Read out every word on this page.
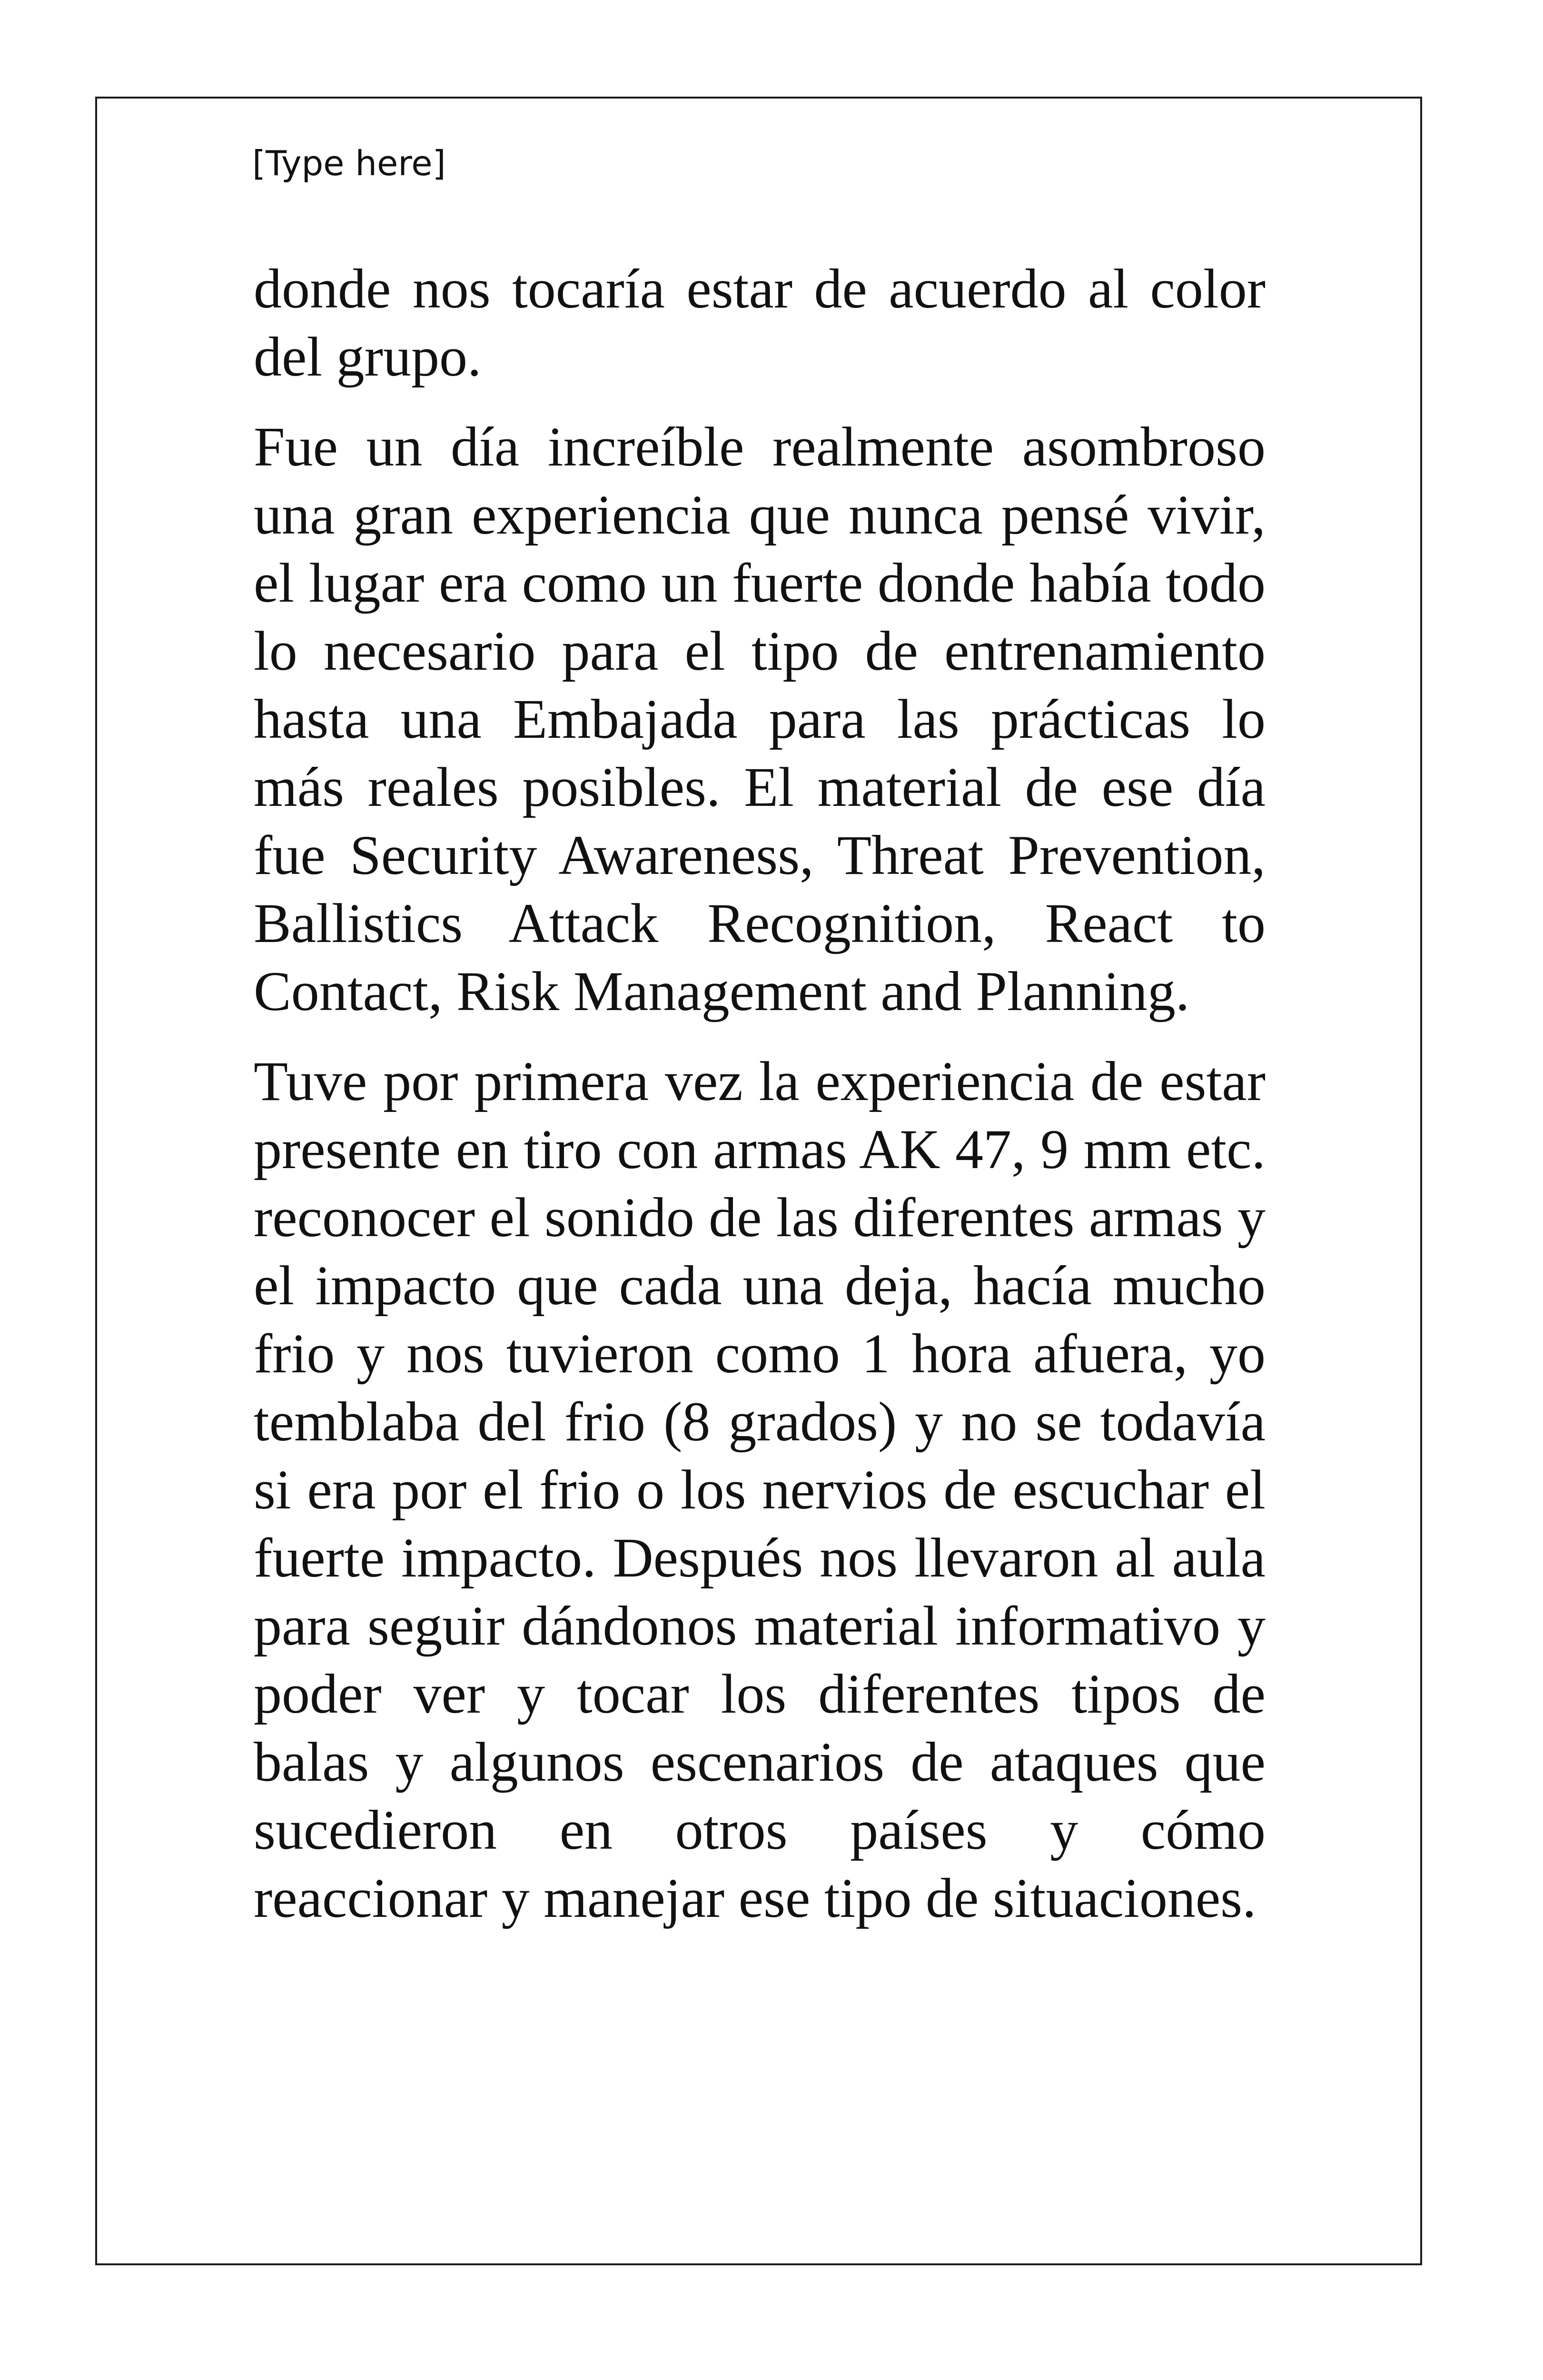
[Type here]

donde nos tocaría estar de acuerdo al color del grupo.

Fue un día increíble realmente asombroso una gran experiencia que nunca pensé vivir, el lugar era como un fuerte donde había todo lo necesario para el tipo de entrenamiento hasta una Embajada para las prácticas lo más reales posibles. El material de ese día fue Security Awareness, Threat Prevention, Ballistics Attack Recognition, React to Contact, Risk Management and Planning.

Tuve por primera vez la experiencia de estar presente en tiro con armas AK 47, 9 mm etc. reconocer el sonido de las diferentes armas y el impacto que cada una deja, hacía mucho frio y nos tuvieron como 1 hora afuera, yo temblaba del frio (8 grados) y no se todavía si era por el frio o los nervios de escuchar el fuerte impacto. Después nos llevaron al aula para seguir dándonos material informativo y poder ver y tocar los diferentes tipos de balas y algunos escenarios de ataques que sucedieron en otros países y cómo reaccionar y manejar ese tipo de situaciones.
